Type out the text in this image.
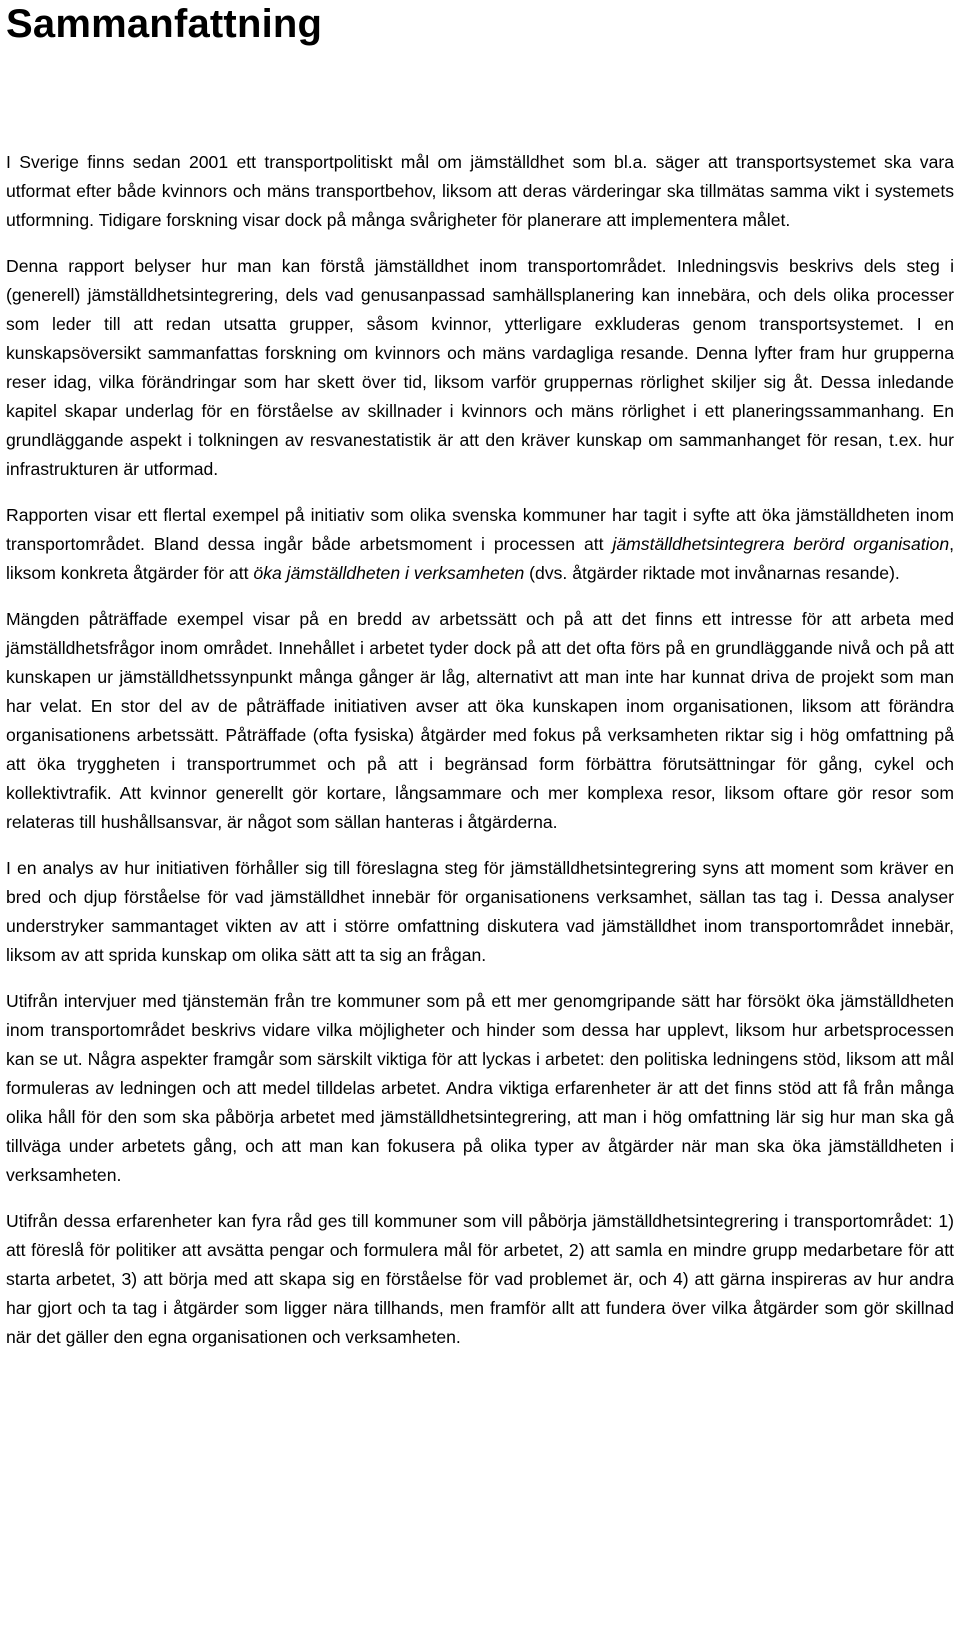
Sammanfattning

I Sverige finns sedan 2001 ett transportpolitiskt mål om jämställdhet som bl.a. säger att transportsystemet ska vara utformat efter både kvinnors och mäns transportbehov, liksom att deras värderingar ska tillmätas samma vikt i systemets utformning. Tidigare forskning visar dock på många svårigheter för planerare att implementera målet.

Denna rapport belyser hur man kan förstå jämställdhet inom transportområdet. Inledningsvis beskrivs dels steg i (generell) jämställdhetsintegrering, dels vad genusanpassad samhällsplanering kan innebära, och dels olika processer som leder till att redan utsatta grupper, såsom kvinnor, ytterligare exkluderas genom transportsystemet. I en kunskapsöversikt sammanfattas forskning om kvinnors och mäns vardagliga resande. Denna lyfter fram hur grupperna reser idag, vilka förändringar som har skett över tid, liksom varför gruppernas rörlighet skiljer sig åt. Dessa inledande kapitel skapar underlag för en förståelse av skillnader i kvinnors och mäns rörlighet i ett planeringssammanhang. En grundläggande aspekt i tolkningen av resvanestatistik är att den kräver kunskap om sammanhanget för resan, t.ex. hur infrastrukturen är utformad.

Rapporten visar ett flertal exempel på initiativ som olika svenska kommuner har tagit i syfte att öka jämställdheten inom transportområdet. Bland dessa ingår både arbetsmoment i processen att jämställdhetsintegrera berörd organisation, liksom konkreta åtgärder för att öka jämställdheten i verksamheten (dvs. åtgärder riktade mot invånarnas resande).

Mängden påträffade exempel visar på en bredd av arbetssätt och på att det finns ett intresse för att arbeta med jämställdhetsfrågor inom området. Innehållet i arbetet tyder dock på att det ofta förs på en grundläggande nivå och på att kunskapen ur jämställdhetssynpunkt många gånger är låg, alternativt att man inte har kunnat driva de projekt som man har velat. En stor del av de påträffade initiativen avser att öka kunskapen inom organisationen, liksom att förändra organisationens arbetssätt. Påträffade (ofta fysiska) åtgärder med fokus på verksamheten riktar sig i hög omfattning på att öka tryggheten i transportrummet och på att i begränsad form förbättra förutsättningar för gång, cykel och kollektivtrafik. Att kvinnor generellt gör kortare, långsammare och mer komplexa resor, liksom oftare gör resor som relateras till hushållsansvar, är något som sällan hanteras i åtgärderna.

I en analys av hur initiativen förhåller sig till föreslagna steg för jämställdhetsintegrering syns att moment som kräver en bred och djup förståelse för vad jämställdhet innebär för organisationens verksamhet, sällan tas tag i. Dessa analyser understryker sammantaget vikten av att i större omfattning diskutera vad jämställdhet inom transportområdet innebär, liksom av att sprida kunskap om olika sätt att ta sig an frågan.

Utifrån intervjuer med tjänstemän från tre kommuner som på ett mer genomgripande sätt har försökt öka jämställdheten inom transportområdet beskrivs vidare vilka möjligheter och hinder som dessa har upplevt, liksom hur arbetsprocessen kan se ut. Några aspekter framgår som särskilt viktiga för att lyckas i arbetet: den politiska ledningens stöd, liksom att mål formuleras av ledningen och att medel tilldelas arbetet. Andra viktiga erfarenheter är att det finns stöd att få från många olika håll för den som ska påbörja arbetet med jämställdhetsintegrering, att man i hög omfattning lär sig hur man ska gå tillväga under arbetets gång, och att man kan fokusera på olika typer av åtgärder när man ska öka jämställdheten i verksamheten.

Utifrån dessa erfarenheter kan fyra råd ges till kommuner som vill påbörja jämställdhetsintegrering i transportområdet: 1) att föreslå för politiker att avsätta pengar och formulera mål för arbetet, 2) att samla en mindre grupp medarbetare för att starta arbetet, 3) att börja med att skapa sig en förståelse för vad problemet är, och 4) att gärna inspireras av hur andra har gjort och ta tag i åtgärder som ligger nära tillhands, men framför allt att fundera över vilka åtgärder som gör skillnad när det gäller den egna organisationen och verksamheten.
